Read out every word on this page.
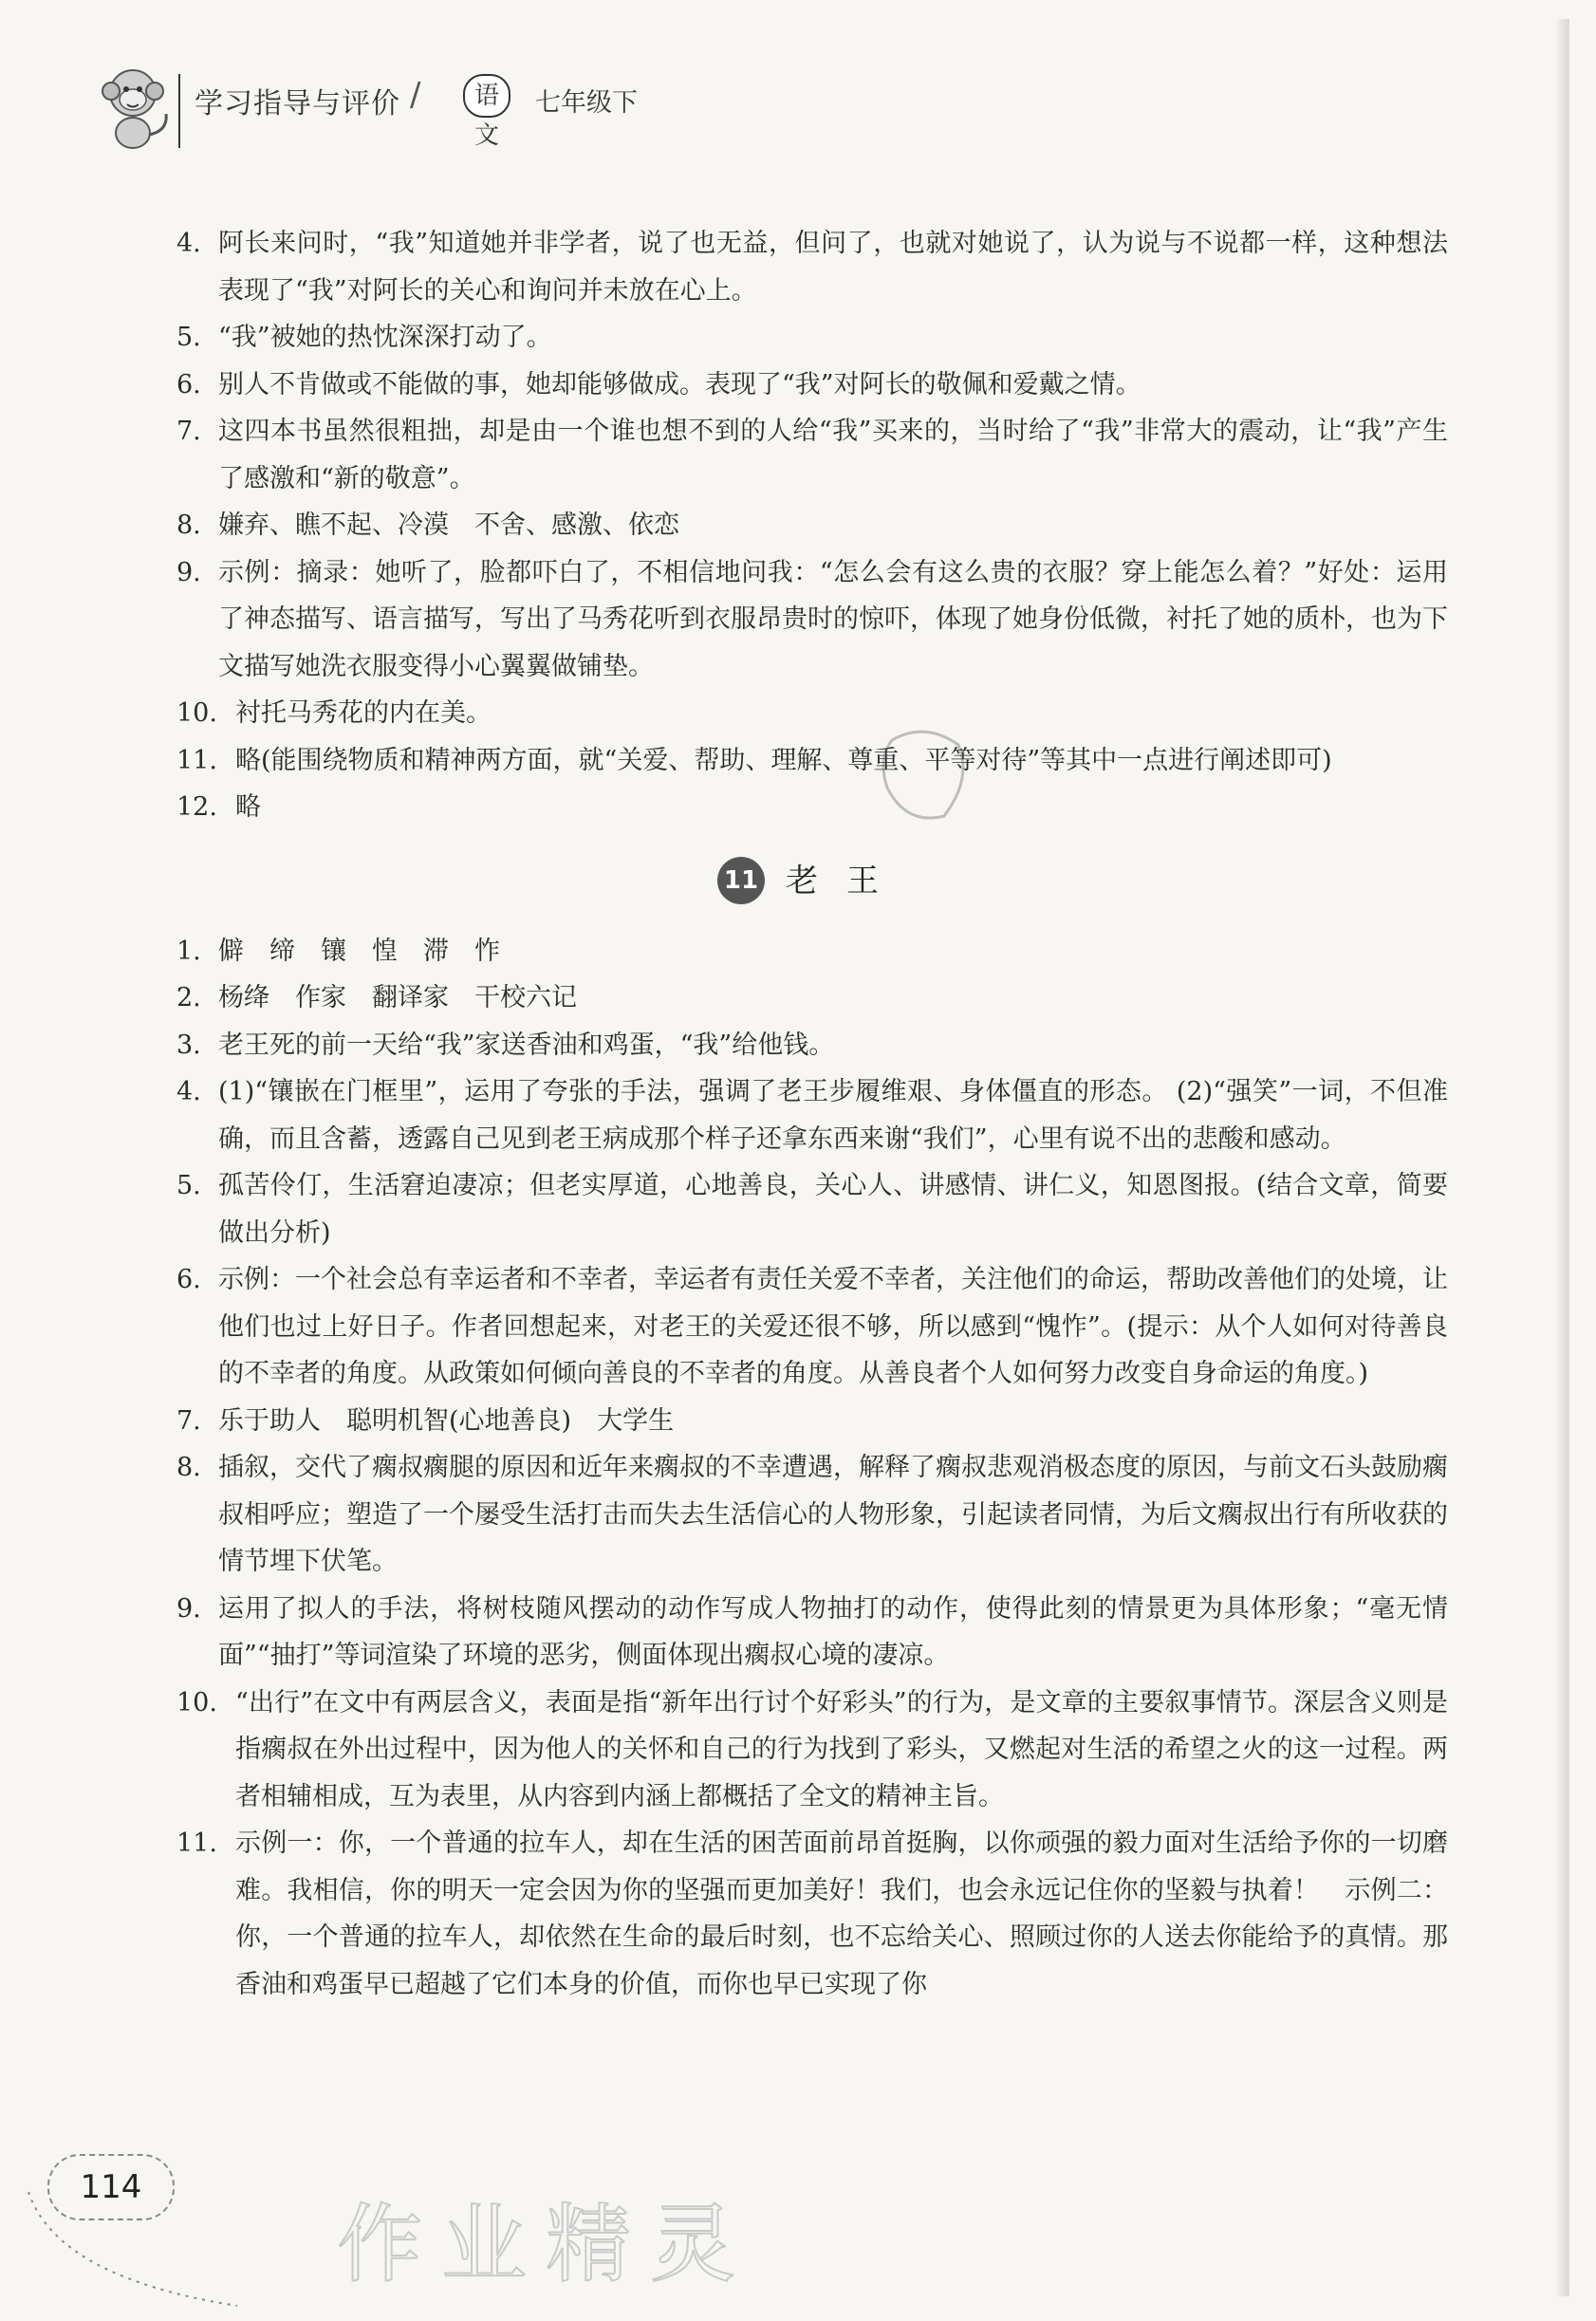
学习指导与评价 /	语文
七年级下
4. 阿长来问时，“我”知道她并非学者，说了也无益，但问了，也就对她说了，认为说与不说都一样，这种想法表现了“我”对阿长的关心和询问并未放在心上。
5. “我”被她的热忱深深打动了。
6. 别人不肯做或不能做的事，她却能够做成。表现了“我”对阿长的敬佩和爱戴之情。
7. 这四本书虽然很粗拙，却是由一个谁也想不到的人给“我”买来的，当时给了“我”非常大的震动，让“我”产生了感激和“新的敬意”。
8. 嫌弃、瞧不起、冷漠　不舍、感激、依恋
9. 示例：摘录：她听了，脸都吓白了，不相信地问我：“怎么会有这么贵的衣服？穿上能怎么着？”好处：运用了神态描写、语言描写，写出了马秀花听到衣服昂贵时的惊吓，体现了她身份低微，衬托了她的质朴，也为下文描写她洗衣服变得小心翼翼做铺垫。
10. 衬托马秀花的内在美。
11. 略(能围绕物质和精神两方面，就“关爱、帮助、理解、尊重、平等对待”等其中一点进行阐述即可)
12. 略
11 老王
1. 僻　缔　镶　惶　滞　怍
2. 杨绛　作家　翻译家　干校六记
3. 老王死的前一天给“我”家送香油和鸡蛋，“我”给他钱。
4. (1)“镶嵌在门框里”，运用了夸张的手法，强调了老王步履维艰、身体僵直的形态。 (2)“强笑”一词，不但准确，而且含蓄，透露自己见到老王病成那个样子还拿东西来谢“我们”，心里有说不出的悲酸和感动。
5. 孤苦伶仃，生活窘迫凄凉；但老实厚道，心地善良，关心人、讲感情、讲仁义，知恩图报。(结合文章，简要做出分析)
6. 示例：一个社会总有幸运者和不幸者，幸运者有责任关爱不幸者，关注他们的命运，帮助改善他们的处境，让他们也过上好日子。作者回想起来，对老王的关爱还很不够，所以感到“愧怍”。(提示：从个人如何对待善良的不幸者的角度。从政策如何倾向善良的不幸者的角度。从善良者个人如何努力改变自身命运的角度。)
7. 乐于助人　聪明机智(心地善良)　大学生
8. 插叙，交代了瘸叔瘸腿的原因和近年来瘸叔的不幸遭遇，解释了瘸叔悲观消极态度的原因，与前文石头鼓励瘸叔相呼应；塑造了一个屡受生活打击而失去生活信心的人物形象，引起读者同情，为后文瘸叔出行有所收获的情节埋下伏笔。
9. 运用了拟人的手法，将树枝随风摆动的动作写成人物抽打的动作，使得此刻的情景更为具体形象；“毫无情面”“抽打”等词渲染了环境的恶劣，侧面体现出瘸叔心境的凄凉。
10. “出行”在文中有两层含义，表面是指“新年出行讨个好彩头”的行为，是文章的主要叙事情节。深层含义则是指瘸叔在外出过程中，因为他人的关怀和自己的行为找到了彩头，又燃起对生活的希望之火的这一过程。两者相辅相成，互为表里，从内容到内涵上都概括了全文的精神主旨。
11. 示例一：你，一个普通的拉车人，却在生活的困苦面前昂首挺胸，以你顽强的毅力面对生活给予你的一切磨难。我相信，你的明天一定会因为你的坚强而更加美好！我们，也会永远记住你的坚毅与执着！　示例二：你，一个普通的拉车人，却依然在生命的最后时刻，也不忘给关心、照顾过你的人送去你能给予的真情。那香油和鸡蛋早已超越了它们本身的价值，而你也早已实现了你
114
作业精灵
